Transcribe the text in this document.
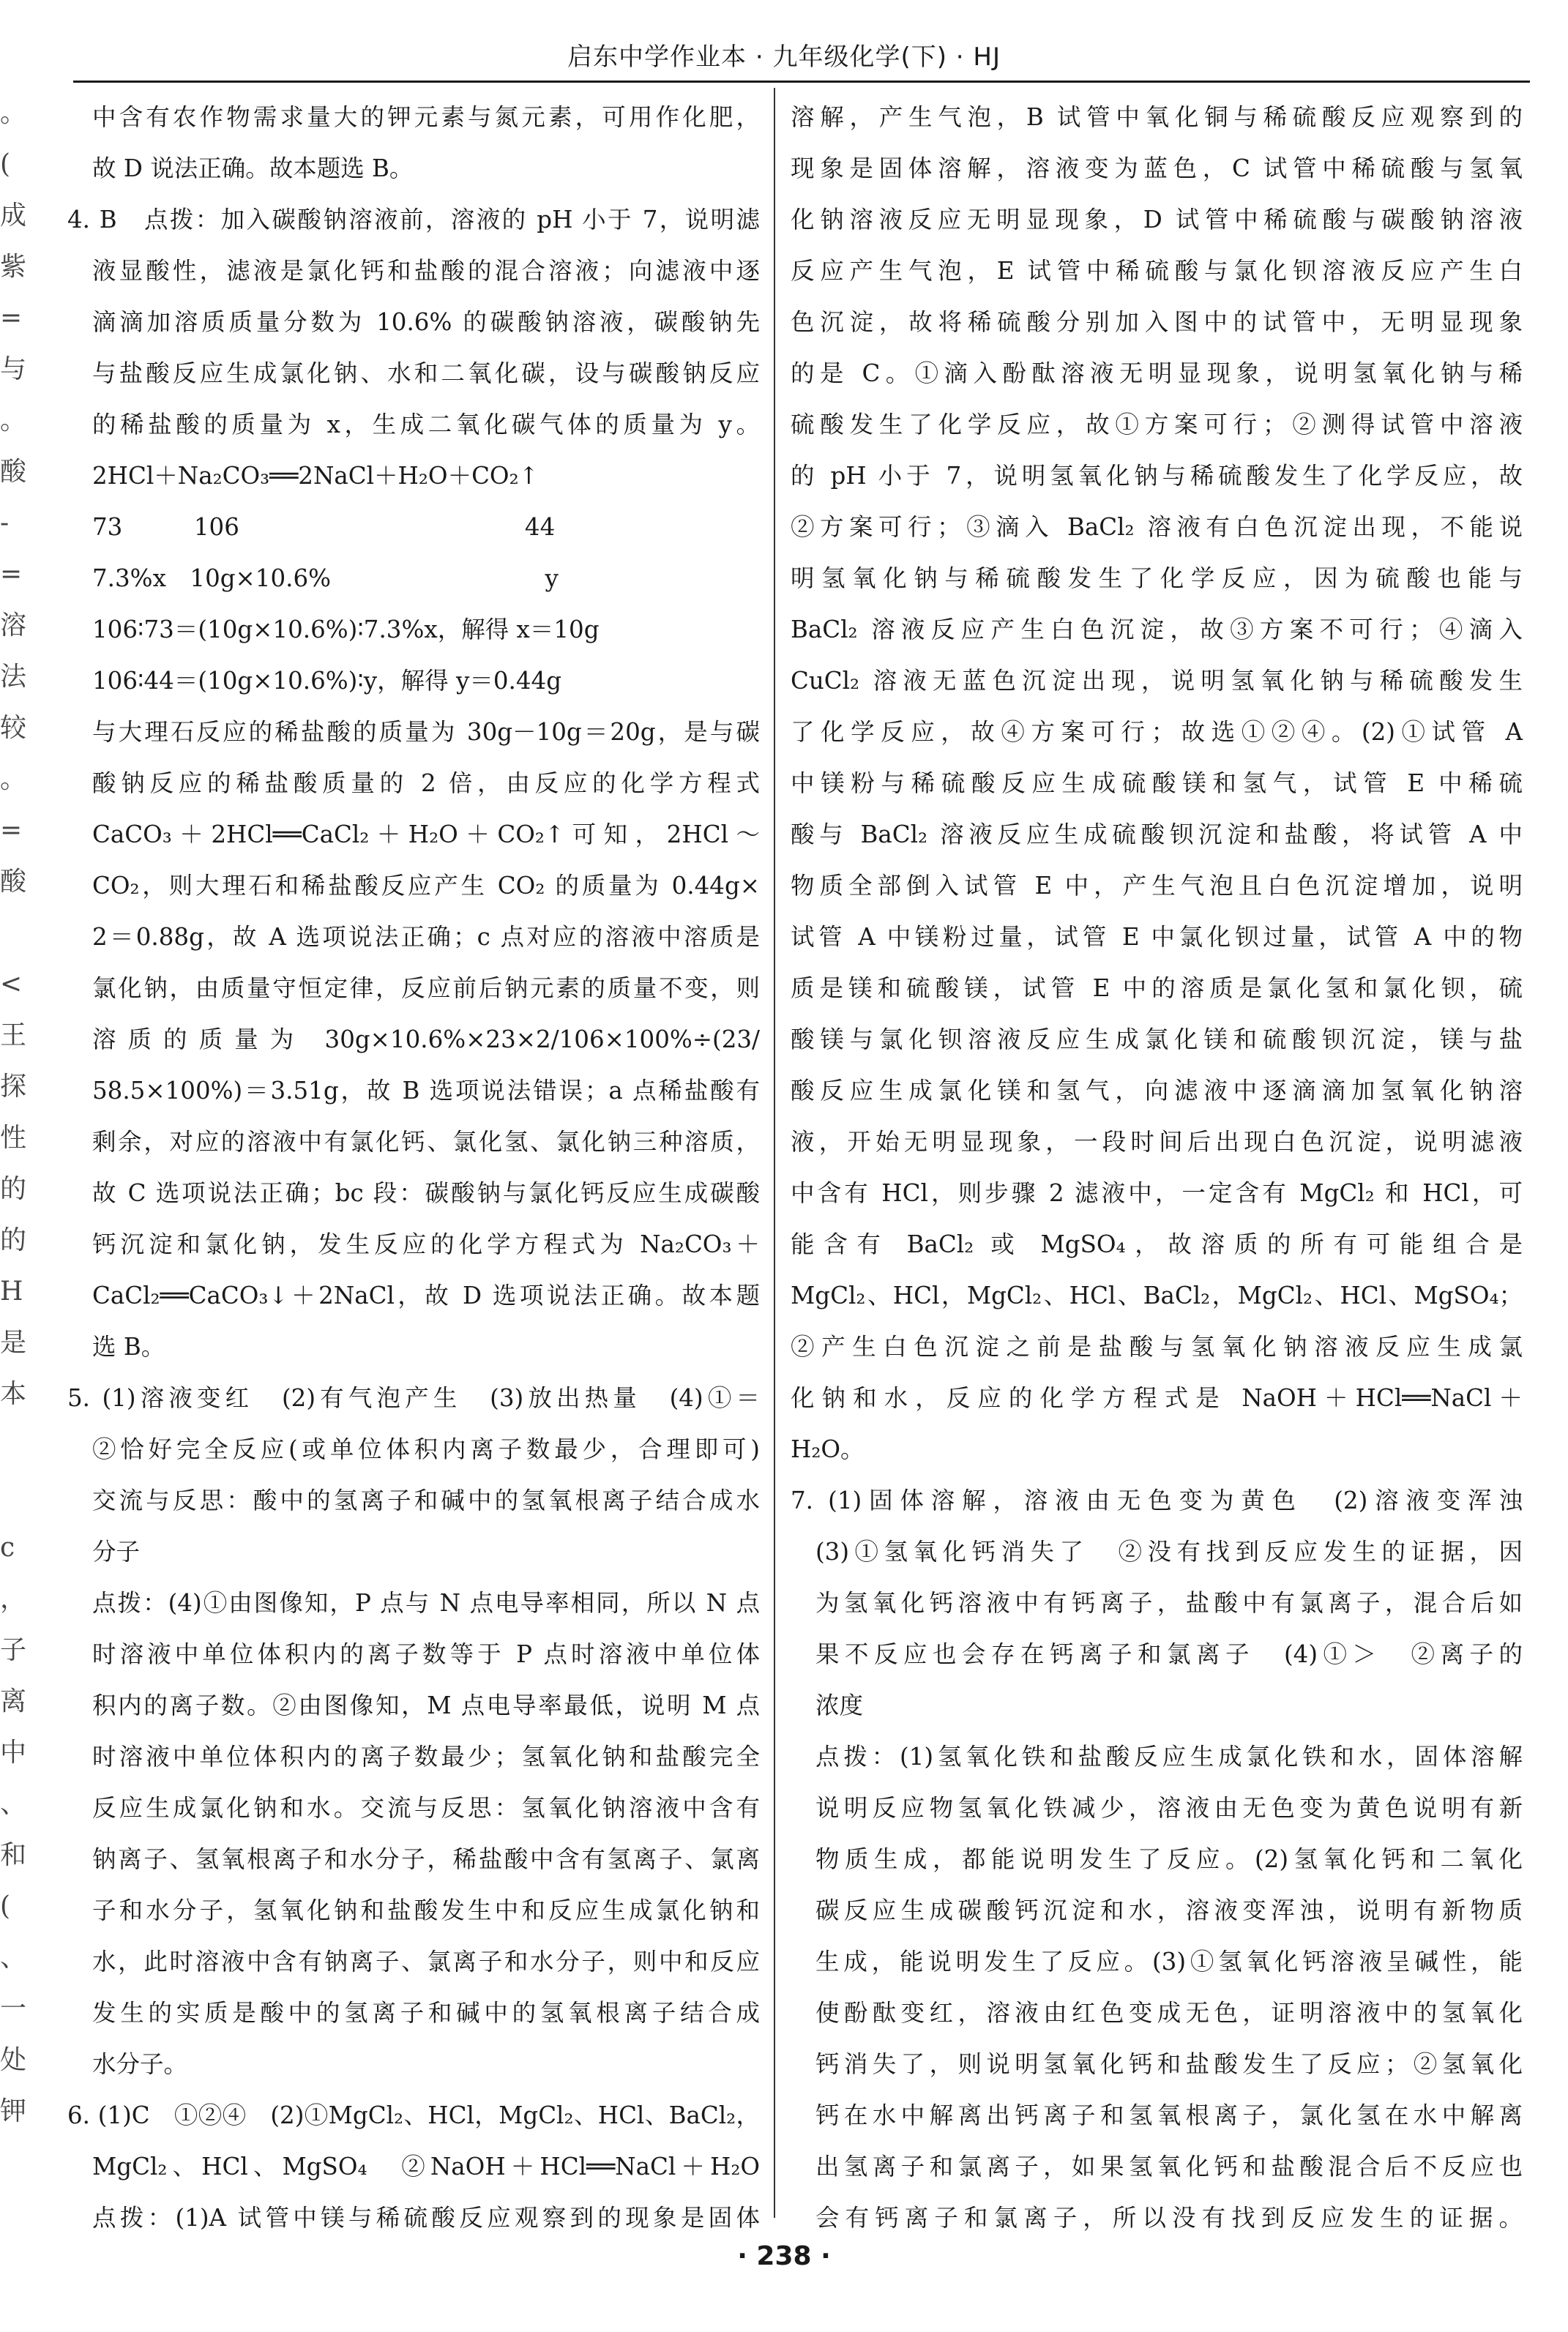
启东中学作业本 · 九年级化学(下) · HJ
。
(
成
紫
=
与
。
酸
-
=
溶
法
较
。
=
酸
<
王
探
性
的
的
H
是
本
c
，
子
离
中
、
和
(
、
一
处
钾
中含有农作物需求量大的钾元素与氮元素，可用作化肥，
故 D 说法正确。故本题选 B。
4. B　点拨：加入碳酸钠溶液前，溶液的 pH 小于 7，说明滤
液显酸性，滤液是氯化钙和盐酸的混合溶液；向滤液中逐
滴滴加溶质质量分数为 10.6% 的碳酸钠溶液，碳酸钠先
与盐酸反应生成氯化钠、水和二氧化碳，设与碳酸钠反应
的稀盐酸的质量为 x，生成二氧化碳气体的质量为 y。
2HCl＋Na₂CO₃══2NaCl＋H₂O＋CO₂↑
73　　　106　　　　　　　　　　　　44
7.3%x　10g×10.6%　　　　　　　　　y
106∶73＝(10g×10.6%)∶7.3%x，解得 x＝10g
106∶44＝(10g×10.6%)∶y，解得 y＝0.44g
与大理石反应的稀盐酸的质量为 30g－10g＝20g，是与碳
酸钠反应的稀盐酸质量的 2 倍，由反应的化学方程式
CaCO₃＋2HCl══CaCl₂＋H₂O＋CO₂↑可知，2HCl～
CO₂，则大理石和稀盐酸反应产生 CO₂ 的质量为 0.44g×
2＝0.88g，故 A 选项说法正确；c 点对应的溶液中溶质是
氯化钠，由质量守恒定律，反应前后钠元素的质量不变，则
溶质的质量为 30g×10.6%×23×2/106×100%÷(23/
58.5×100%)＝3.51g，故 B 选项说法错误；a 点稀盐酸有
剩余，对应的溶液中有氯化钙、氯化氢、氯化钠三种溶质，
故 C 选项说法正确；bc 段：碳酸钠与氯化钙反应生成碳酸
钙沉淀和氯化钠，发生反应的化学方程式为 Na₂CO₃＋
CaCl₂══CaCO₃↓＋2NaCl，故 D 选项说法正确。故本题
选 B。
5. (1)溶液变红　(2)有气泡产生　(3)放出热量　(4)①＝
②恰好完全反应(或单位体积内离子数最少，合理即可)
交流与反思：酸中的氢离子和碱中的氢氧根离子结合成水
分子
点拨：(4)①由图像知，P 点与 N 点电导率相同，所以 N 点
时溶液中单位体积内的离子数等于 P 点时溶液中单位体
积内的离子数。②由图像知，M 点电导率最低，说明 M 点
时溶液中单位体积内的离子数最少；氢氧化钠和盐酸完全
反应生成氯化钠和水。交流与反思：氢氧化钠溶液中含有
钠离子、氢氧根离子和水分子，稀盐酸中含有氢离子、氯离
子和水分子，氢氧化钠和盐酸发生中和反应生成氯化钠和
水，此时溶液中含有钠离子、氯离子和水分子，则中和反应
发生的实质是酸中的氢离子和碱中的氢氧根离子结合成
水分子。
6. (1)C　①②④　(2)①MgCl₂、HCl，MgCl₂、HCl、BaCl₂，
MgCl₂、HCl、MgSO₄　②NaOH＋HCl══NaCl＋H₂O
点拨：(1)A 试管中镁与稀硫酸反应观察到的现象是固体
溶解，产生气泡，B 试管中氧化铜与稀硫酸反应观察到的
现象是固体溶解，溶液变为蓝色，C 试管中稀硫酸与氢氧
化钠溶液反应无明显现象，D 试管中稀硫酸与碳酸钠溶液
反应产生气泡，E 试管中稀硫酸与氯化钡溶液反应产生白
色沉淀，故将稀硫酸分别加入图中的试管中，无明显现象
的是 C。①滴入酚酞溶液无明显现象，说明氢氧化钠与稀
硫酸发生了化学反应，故①方案可行；②测得试管中溶液
的 pH 小于 7，说明氢氧化钠与稀硫酸发生了化学反应，故
②方案可行；③滴入 BaCl₂ 溶液有白色沉淀出现，不能说
明氢氧化钠与稀硫酸发生了化学反应，因为硫酸也能与
BaCl₂ 溶液反应产生白色沉淀，故③方案不可行；④滴入
CuCl₂ 溶液无蓝色沉淀出现，说明氢氧化钠与稀硫酸发生
了化学反应，故④方案可行；故选①②④。(2)①试管 A
中镁粉与稀硫酸反应生成硫酸镁和氢气，试管 E 中稀硫
酸与 BaCl₂ 溶液反应生成硫酸钡沉淀和盐酸，将试管 A 中
物质全部倒入试管 E 中，产生气泡且白色沉淀增加，说明
试管 A 中镁粉过量，试管 E 中氯化钡过量，试管 A 中的物
质是镁和硫酸镁，试管 E 中的溶质是氯化氢和氯化钡，硫
酸镁与氯化钡溶液反应生成氯化镁和硫酸钡沉淀，镁与盐
酸反应生成氯化镁和氢气，向滤液中逐滴滴加氢氧化钠溶
液，开始无明显现象，一段时间后出现白色沉淀，说明滤液
中含有 HCl，则步骤 2 滤液中，一定含有 MgCl₂ 和 HCl，可
能含有 BaCl₂ 或 MgSO₄，故溶质的所有可能组合是
MgCl₂、HCl，MgCl₂、HCl、BaCl₂，MgCl₂、HCl、MgSO₄；
②产生白色沉淀之前是盐酸与氢氧化钠溶液反应生成氯
化钠和水，反应的化学方程式是 NaOH＋HCl══NaCl＋
H₂O。
7. (1)固体溶解，溶液由无色变为黄色　(2)溶液变浑浊
(3)①氢氧化钙消失了　②没有找到反应发生的证据，因
为氢氧化钙溶液中有钙离子，盐酸中有氯离子，混合后如
果不反应也会存在钙离子和氯离子　(4)①＞　②离子的
浓度
点拨：(1)氢氧化铁和盐酸反应生成氯化铁和水，固体溶解
说明反应物氢氧化铁减少，溶液由无色变为黄色说明有新
物质生成，都能说明发生了反应。(2)氢氧化钙和二氧化
碳反应生成碳酸钙沉淀和水，溶液变浑浊，说明有新物质
生成，能说明发生了反应。(3)①氢氧化钙溶液呈碱性，能
使酚酞变红，溶液由红色变成无色，证明溶液中的氢氧化
钙消失了，则说明氢氧化钙和盐酸发生了反应；②氢氧化
钙在水中解离出钙离子和氢氧根离子，氯化氢在水中解离
出氢离子和氯离子，如果氢氧化钙和盐酸混合后不反应也
会有钙离子和氯离子，所以没有找到反应发生的证据。
· 238 ·
